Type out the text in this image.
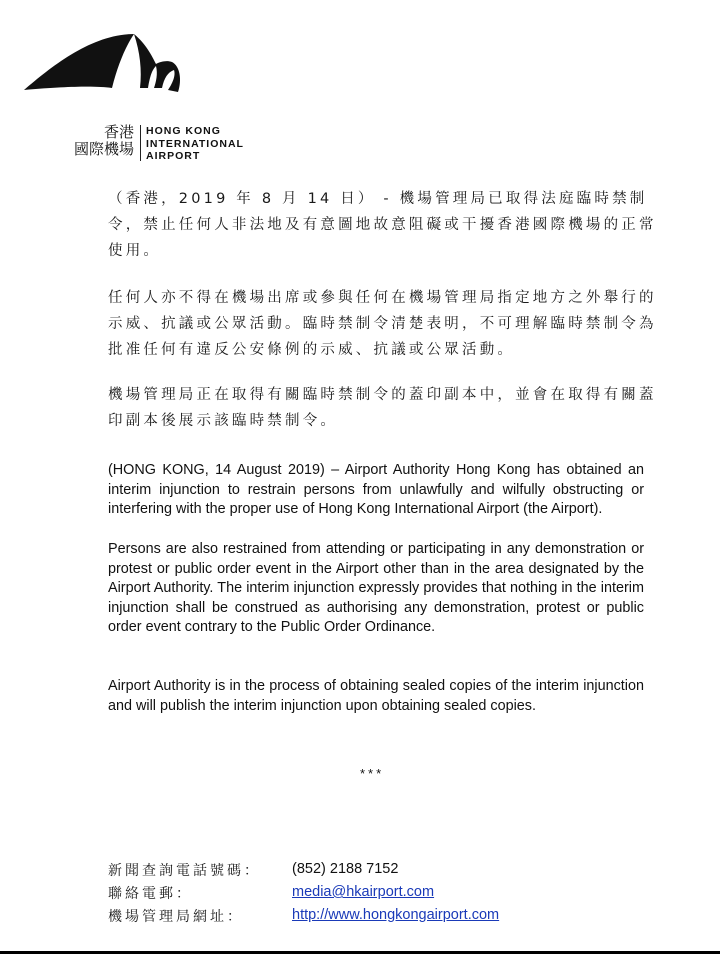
香港
國際機場
HONG KONG
INTERNATIONAL
AIRPORT

（香港，2019 年 8 月 14 日） - 機場管理局已取得法庭臨時禁制令，禁止任何人非法地及有意圖地故意阻礙或干擾香港國際機場的正常使用。

任何人亦不得在機場出席或參與任何在機場管理局指定地方之外舉行的示威、抗議或公眾活動。臨時禁制令清楚表明，不可理解臨時禁制令為批准任何有違反公安條例的示威、抗議或公眾活動。

機場管理局正在取得有關臨時禁制令的蓋印副本中，並會在取得有關蓋印副本後展示該臨時禁制令。

(HONG KONG, 14 August 2019) – Airport Authority Hong Kong has obtained an interim injunction to restrain persons from unlawfully and wilfully obstructing or interfering with the proper use of Hong Kong International Airport (the Airport).

Persons are also restrained from attending or participating in any demonstration or protest or public order event in the Airport other than in the area designated by the Airport Authority. The interim injunction expressly provides that nothing in the interim injunction shall be construed as authorising any demonstration, protest or public order event contrary to the Public Order Ordinance.

Airport Authority is in the process of obtaining sealed copies of the interim injunction and will publish the interim injunction upon obtaining sealed copies.

***
新聞查詢電話號碼： (852) 2188 7152
聯絡電郵：	media@hkairport.com
機場管理局網址：	http://www.hongkongairport.com
